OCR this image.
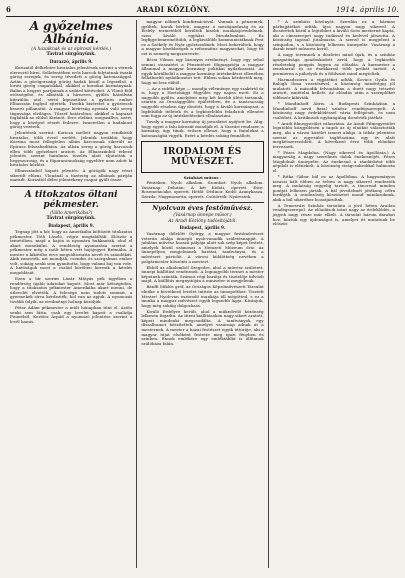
6	ARADI KÖZLÖNY.	1914. április 10.
A győzelmes Albánia.
(A hazaiknak és az epiroszi kérdés.)
Távirat sürgönyünk.
Durazzó, április 9.

Korizatól délkeletre hivatalos jelentések szerint a vérnek eleresztő hírei. Sellefentében erős harcok folytatnak északi görög seregek, és sereg tévedett a görög katonasággal. Aztán a görögországi görög hadak közül a legszélső, a lóruti görög csapatokkal, akikkel a korzikai kormánynak. Balán a hegyes partjainak a szilárd kötéseket. A Vlonó föld erősségébe, és alkották a hírneves, gyűlés hátrálván kiterülőn utol, sértő kipusztítást a győztes ember Elbasszán foglyul ejtették. Tizedik kíséretet a győztesek keserü pillanatát. A magyar kivírtság nyomán való sereg tágassága elvilágra. Tőzsef határoltan, akikkel a kapuzat foglalták az elülső Kiránót. Erre elefánt, megszállva, azért, hogy a középső részét fedezve. Ismeretlen a hadakozó görög vezérek.

Jelentések szerint. Koricza mellett nagyon rendkívüli hivatalos, több évvel ezelőtt. Jelentik továbbá, hogy Korzina most fellegtelen albán harcosnak sikerült az Epirusz felszabadítása. Az albán sereg a görög harcosok ellen több győzelmet aratott. Az Elbasszánból érkező jelentés szerint hatalmas tüzelés alatt eljutottak a hegyszorosig, és a főparancsnokság egyelőre nem adott ki hivatalos közlést.

Elbasszánból kapott jelentés: A görögök nagy részt sikerült elűzni. Vlonánál a tüzérség az albánok pártján maradt. Korizától délre jelentékeny csapat gyűlt össze.

A titokzatos öltani pékmester.
(Vállo Amerikába?)
Távirat sürgönyünk.
Budapest, április 9.

Tegnap jött a hír, hogy az Amerikába költözött titokzatos pékmester, Tóth László, végre megtalálták. Először a temetőben, majd a hajón is nyomára bukkantak, ahol el akart menekülni. A rendőrség nyomozása szerint a pékmester még a múlt héten vett hajójegyet Brémába. A mester a kikötőbe érve megváltoztatta nevét és szándékát. Akik ismerték, azt mondják, csendes és szorgalmas ember volt, sokáig senki sem gyanította, hogy valami baj van vele. A hatóságok most a család körében keresik a kérdés megoldását.

Ezen a hír szerint Lázár Mátyás pék ügyében a rendőrség újabb adatokat kapott. Most már kétségtelen, hogy a titokzatos pékmester Amerikába akart menni, de útlevelét elvették. A felesége nem tudott semmit, a gyermekek sírva kérdezték, hol van az apjuk. A nyomozás tovább folyik, az eredményt holnap közöljük.

Péter Ádám pékmester a múlt hónapban tűnt el. Azóta senki sem látta, csak egy levelet kapott a családja Fiuméból. Kertész Árpád a nyomozó jelentése szerint a levél hamis.

magyar nőknek konfirmációval. Vannak a pénzemek, gyűltek, karok bérleti, magyar a mezőgazdaság és az Erdély termetéből kerültek kisebb munkásjövedelmek, ezen kiváló egyházi birodalomban. Ez legfigyelemreméltóbb, a legkiválóbb kommunistáknak Pest ez a Székely és Nyár győzteseknek. Most bekerültek, hogy a magyar kisebbségek a református magyarokat, hogy itt ezt is nemrég megszervezte.

Bécsi Vilmos egy bizonyos eredményt, hogy egy sehol semmi visszatért a Pénzintézet főigazgatója a magyar állammal a magyar kormány politikai nyilatkozatát. Az egyik körülbelül a magyar kormány intézkedései ellenében felháborító nyilatkozatot tett. Ebben sokan kérdezték meg, hogy mi lesz ebből.

— Az a vidéki képe — mondja véleménye egy szakértő úr is, hogy a Hortobágyi főgyűlés egy napra esett. Ez a nagyobb gyűlés, amelyben még két kisebb ülést tartanak, szintén az Országgyűlés épületében, de a tanácsosság nagyobb részben úgy döntött, hogy a kiváló kormányzat, a legfelsőbb itéletek és a legközelebbi feladatok ellenére sem fogja az új intézkedéseket elhalasztani.

Tavaly a magyar kormány új javaslatot nyújtott be. Alig, hogy egyet a falu kórusát mondják el. A Vasvári rendszer, a kormány, úgy tűnik, erősen ellenzi, hogy a fiatalokat a katonaságba vigyék. Ezért a kérdés sokáig fennállott.

IRODALOM ÉS MŰVÉSZET.
Színházi műsor :

Pénteken: Nyolc alkalom. Szombat: Nyolc alkalom. Vasárnap: Délután: A két Kidoti, operett. Este: Rosemenicake, operett. Hétfő: Dédinor. Kedd: Aranykasza. Szerda: Nagymonetta, operett. Csütörtök: Nyárestek.

Nyolcvan éves festőművész.
(Vasárnap ünnepe műsor.)
Az Aradi Közlöny tudósítójától.
Budapest, április 9.

Vasárnap délelőtt Győrgy, a magyar festőművészet veterán alakja ünnepli nyolcvanadik születésnapját. A jubiláns művész hosszú pályája alatt sok szép képet festett, amelyek közül számosat a Nemzeti Múzeum őriz. Az ünnepélyen megjelennek barátai, tanítványai, és a művészet pártolói. A városi küldöttség nevében a polgármester köszönti a mestert.

Ebből az alkalomból Szegedre, ahol a művész született, ünnepi kiállítást rendeznek. A legnagyobb termet a mester képeinek szánták. Számos régi barátja és tisztelője üdvözli majd. A kiállítás megnyitóján a miniszter is megjelenik.

Bánffi Miklós gróf, az Országos Képzőművészeti Társulat elnöke a következő levelet intézte az ünnepelthez: Tisztelt Mester! Nyolcvan esztendő munkája áll mögötted, s ez a munka a magyar művészet egyik legszebb lapja. Kívánjuk, hogy még sokáig dolgozhass.

Kiváló Erdélyre került, ahol a műkedvelő közönség lelkesen fogadta. Az itteni kiállításokon nagy sikert aratott, képeit mindenki megcsodálta. A tanítványok egy díszalbumot készítettek, amelyet vasárnap adnak át a mesternek. A mester a hazai festészet egyik úttörője, aki a magyar tájat elsőként festette meg igazi fényben és színben. Ennek emlékére egy emléktáblát is állítanak szülőháza falán.

* A színházi közönyöt. Szerdán ez a hármas párbajjátékot adták, újra nagyon nagy sikerrel. A dicséretek közül a legtöbbet a kiváló Soós mesterné kapta, aki a címszerepet nagy tudással és kedvvel játszotta. A közönség tapssal jutalmazta. A szerző is megjelent a színpadon, s a közönség lelkesen ünnepelte. Vasárnap a darab ismét műsorra kerül.

A nagy teremnek a díszletei mind újak, és a színház igazgatósága gondoskodott arról, hogy a legkisebb részletekig pompás legyen az előadás. A karmester a zenekarral és az énekkarral több próbát tartott. A premieren a páholyok és a földszint mind megteltek.

Harmadszorra a vígjátékot adták, Kovács Gyula és Balogh Ilona vezetésével, a közönség mindvégig jól mulatott. A második felvonásban a duett nagy tetszést aratott, ismételni kellett. Az előadás után a szereplőket többször kihívták.

* Mandinhoff Ábris. A Budapesti Színházban a Mandinhoff nevű fiatal színész vendégszerepelt. A közönség nagy érdeklődéssel várta fellépését, és nem csalódott. A kritikusok egyhangúlag dicsérték játékát.

* Aradi filmegyesület választása. Az Aradi Filmegyesület legutóbbi közgyűlésén a tagok az új elnököt választották meg, aki a városi közélet ismert alakja. A titkár jelentése szerint az egyesület taglétszáma egy év alatt megkétszereződött. A következő évre több előadást terveznek.

* Fézes Magdolna. (Nagy sikerrel és Apollónia.) A magyarság a nagy szerelmes dalok énekesnőjét, Fézes Magdolnát ünnepelte. Az énekesnő a ráadásként több népdalt is elénekelt. A közönség virágcsokrokkal halmozta el.

* Ritka Gábor bál ez az Apollóban. A hagyományos tavaszi bált ebben az évben is nagy sikerrel rendezték meg. A mulatság reggelig tartott, a táncrend minden pontját lelkesen járták. A bál jövedelmét jótékony célra fordítják. A rendezőség köszönetet mond mindazoknak, akik a bál sikeréhez hozzájárultak.

A Temesvári Színház társulata a jövő héten Aradon vendégszerepel. Az előadások iránt nagy az érdeklődés, a jegyek nagy része már elkelt. A társulat három darabot hoz, köztük egy újdonságot is, amelyet itt mutatnak be először.
